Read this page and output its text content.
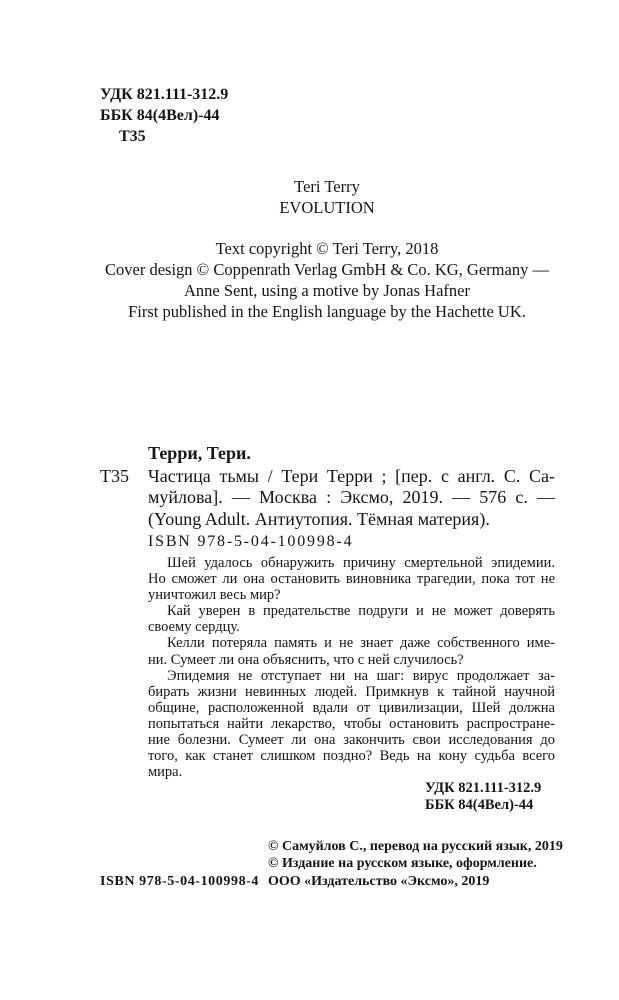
УДК 821.111-312.9
ББК 84(4Вел)-44
Т35
Teri Terry
EVOLUTION
Text copyright © Teri Terry, 2018
Cover design © Coppenrath Verlag GmbH & Co. KG, Germany —
Anne Sent, using a motive by Jonas Hafner
First published in the English language by the Hachette UK.
Терри, Тери.
Т35 Частица тьмы / Тери Терри ; [пер. с англ. С. Са-
муйлова]. — Москва : Эксмо, 2019. — 576 с. —
(Young Adult. Антиутопия. Тёмная материя).
ISBN 978-5-04-100998-4
Шей удалось обнаружить причину смертельной эпидемии.
Но сможет ли она остановить виновника трагедии, пока тот не
уничтожил весь мир?
Кай уверен в предательстве подруги и не может доверять
своему сердцу.
Келли потеряла память и не знает даже собственного име-
ни. Сумеет ли она объяснить, что с ней случилось?
Эпидемия не отступает ни на шаг: вирус продолжает за-
бирать жизни невинных людей. Примкнув к тайной научной
общине, расположенной вдали от цивилизации, Шей должна
попытаться найти лекарство, чтобы остановить распростране-
ние болезни. Сумеет ли она закончить свои исследования до
того, как станет слишком поздно? Ведь на кону судьба всего
мира.
УДК 821.111-312.9
ББК 84(4Вел)-44
© Самуйлов С., перевод на русский язык, 2019
© Издание на русском языке, оформление.
ISBN 978-5-04-100998-4 ООО «Издательство «Эксмо», 2019
